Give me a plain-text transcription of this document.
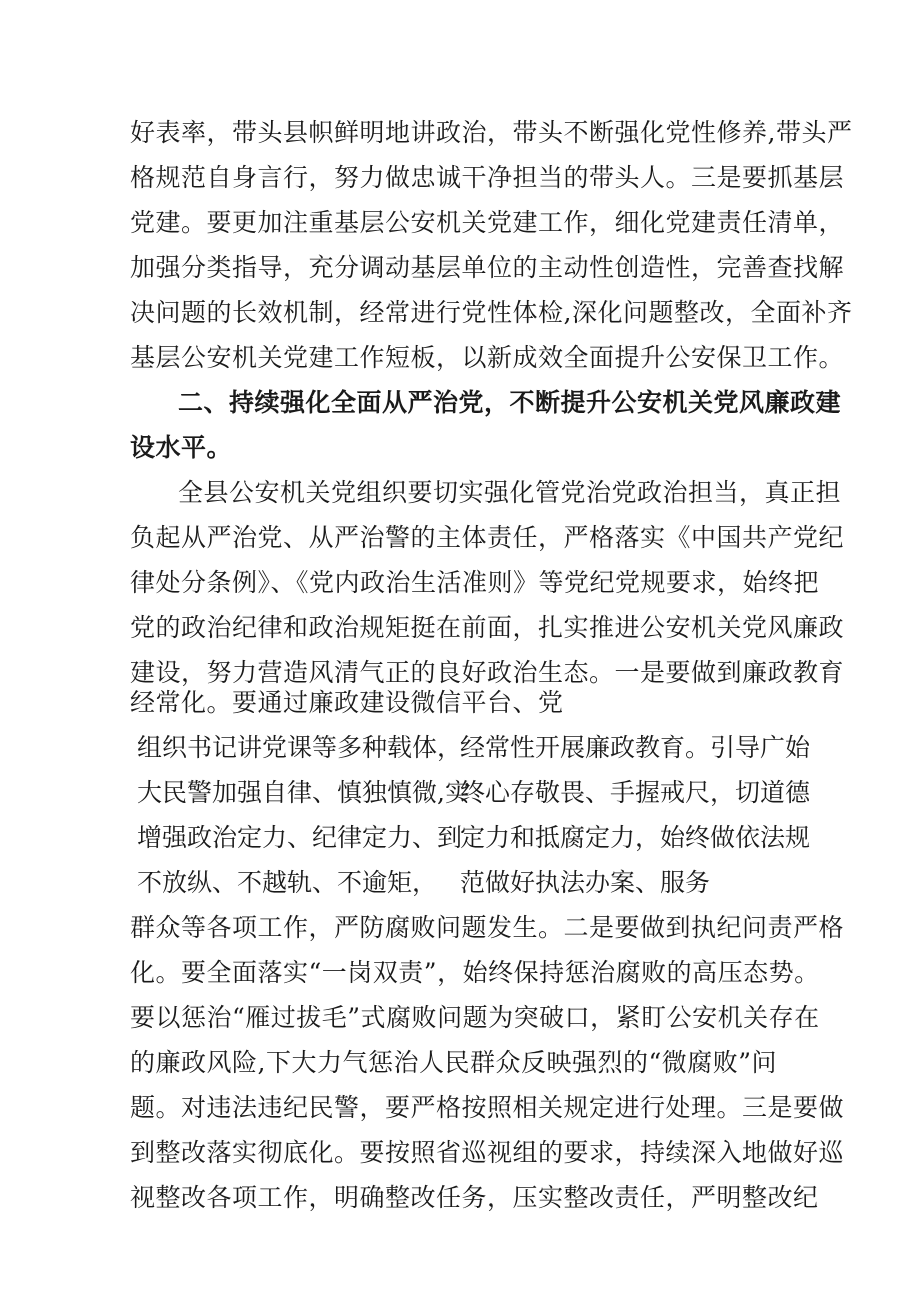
好表率，带头县帜鲜明地讲政治，带头不断强化党性修养,带头严
格规范自身言行，努力做忠诚干净担当的带头人。三是要抓基层
党建。要更加注重基层公安机关党建工作，细化党建责任清单，
加强分类指导，充分调动基层单位的主动性创造性，完善查找解
决问题的长效机制，经常进行党性体检,深化问题整改，全面补齐
基层公安机关党建工作短板，以新成效全面提升公安保卫工作。
二、持续强化全面从严治党，不断提升公安机关党风廉政建
设水平。
全县公安机关党组织要切实强化管党治党政治担当，真正担
负起从严治党、从严治警的主体责任，严格落实《中国共产党纪
律处分条例》、《党内政治生活准则》等党纪党规要求，始终把
党的政治纪律和政治规矩挺在前面，扎实推进公安机关党风廉政
建设，努力营造风清气正的良好政治生态。一是要做到廉政教育
经常化。要通过廉政建设微信平台、党
组织书记讲党课等多种载体，
大民警加强自律、慎独慎微,实
增强政治定力、纪律定力、到
不放纵、不越轨、不逾矩，
经常性开展廉政教育。引导广始
终心存敬畏、手握戒尺，切道德
定力和抵腐定力，始终做依法规
范做好执法办案、服务
群众等各项工作，严防腐败问题发生。二是要做到执纪问责严格
化。要全面落实“一岗双责”，始终保持惩治腐败的高压态势。
要以惩治“雁过拔毛”式腐败问题为突破口，紧盯公安机关存在
的廉政风险,下大力气惩治人民群众反映强烈的“微腐败”问
题。对违法违纪民警，要严格按照相关规定进行处理。三是要做
到整改落实彻底化。要按照省巡视组的要求，持续深入地做好巡
视整改各项工作，明确整改任务，压实整改责任，严明整改纪
